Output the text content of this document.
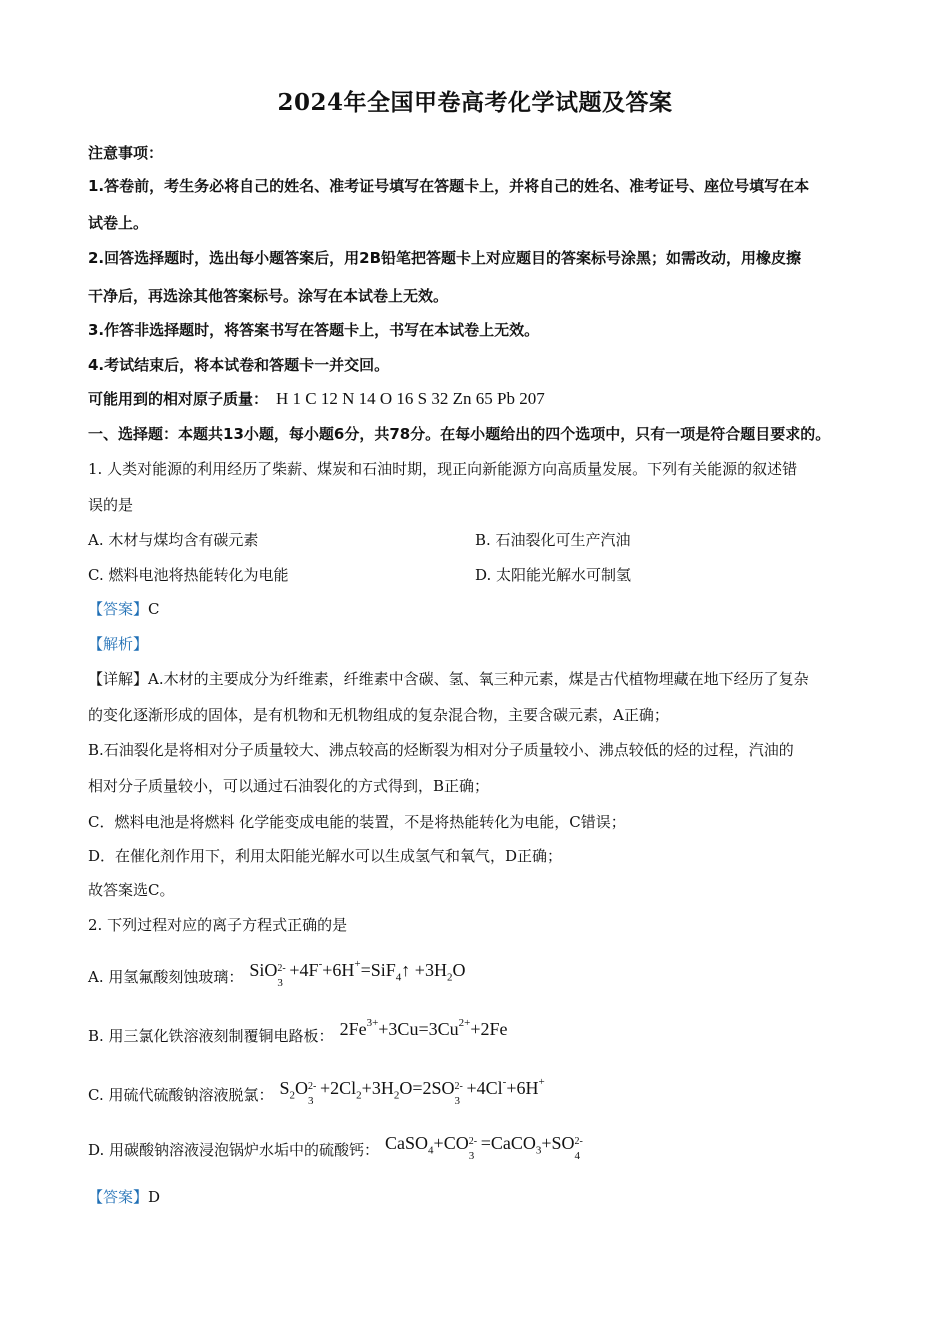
2024年全国甲卷高考化学试题及答案
注意事项：
1.答卷前，考生务必将自己的姓名、准考证号填写在答题卡上，并将自己的姓名、准考证号、座位号填写在本
试卷上。
2.回答选择题时，选出每小题答案后，用2B铅笔把答题卡上对应题目的答案标号涂黑；如需改动，用橡皮擦
干净后，再选涂其他答案标号。涂写在本试卷上无效。
3.作答非选择题时，将答案书写在答题卡上，书写在本试卷上无效。
4.考试结束后，将本试卷和答题卡一并交回。
可能用到的相对原子质量： H 1 C 12 N 14 O 16 S 32 Zn 65 Pb 207
一、选择题：本题共13小题，每小题6分，共78分。在每小题给出的四个选项中，只有一项是符合题目要求的。
1. 人类对能源的利用经历了柴薪、煤炭和石油时期，现正向新能源方向高质量发展。下列有关能源的叙述错
误的是
A. 木材与煤均含有碳元素	B. 石油裂化可生产汽油
C. 燃料电池将热能转化为电能	D. 太阳能光解水可制氢
【答案】C
【解析】
【详解】A.木材的主要成分为纤维素，纤维素中含碳、氢、氧三种元素，煤是古代植物埋藏在地下经历了复杂
的变化逐渐形成的固体，是有机物和无机物组成的复杂混合物，主要含碳元素，A正确；
B.石油裂化是将相对分子质量较大、沸点较高的烃断裂为相对分子质量较小、沸点较低的烃的过程，汽油的
相对分子质量较小，可以通过石油裂化的方式得到，B正确；
C．燃料电池是将燃料 化学能变成电能的装置，不是将热能转化为电能，C错误；
D．在催化剂作用下，利用太阳能光解水可以生成氢气和氧气，D正确；
故答案选C。
2. 下列过程对应的离子方程式正确的是
A. 用氢氟酸刻蚀玻璃： SiO 2-
3
+4F-+6H+=SiF$_4$↑ $+3H_2O$
B. 用三氯化铁溶液刻制覆铜电路板： $2Fe^{3+}+3Cu=3Cu^{2+}+2Fe$
C. 用硫代硫酸钠溶液脱氯： $S_2O$ 2-
3
$+2Cl_2+3H_2O=2SO$ 2-
3
+4Cl-+6H+
D. 用碳酸钠溶液浸泡锅炉水垢中的硫酸钙： CaSO$_4$+CO 2-
3
=CaCO$_3$+SO 2-
4
【答案】D
